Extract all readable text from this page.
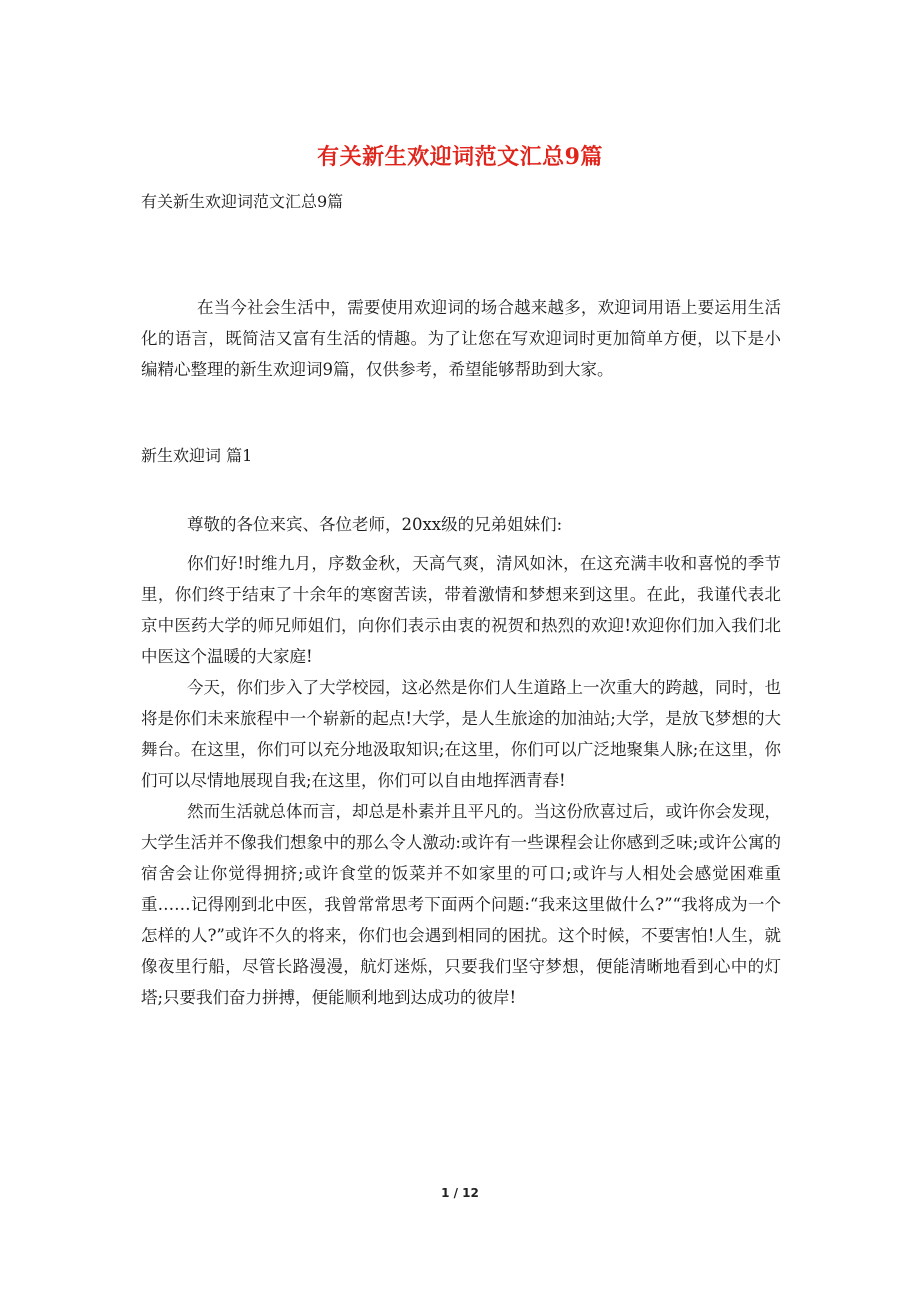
有关新生欢迎词范文汇总9篇
有关新生欢迎词范文汇总9篇
在当今社会生活中，需要使用欢迎词的场合越来越多，欢迎词用语上要运用生活化的语言，既简洁又富有生活的情趣。为了让您在写欢迎词时更加简单方便，以下是小编精心整理的新生欢迎词9篇，仅供参考，希望能够帮助到大家。
新生欢迎词 篇1
尊敬的各位来宾、各位老师，20xx级的兄弟姐妹们:

你们好!时维九月，序数金秋，天高气爽，清风如沐，在这充满丰收和喜悦的季节里，你们终于结束了十余年的寒窗苦读，带着激情和梦想来到这里。在此，我谨代表北京中医药大学的师兄师姐们，向你们表示由衷的祝贺和热烈的欢迎!欢迎你们加入我们北中医这个温暖的大家庭!

今天，你们步入了大学校园，这必然是你们人生道路上一次重大的跨越，同时，也将是你们未来旅程中一个崭新的起点!大学，是人生旅途的加油站;大学，是放飞梦想的大舞台。在这里，你们可以充分地汲取知识;在这里，你们可以广泛地聚集人脉;在这里，你们可以尽情地展现自我;在这里，你们可以自由地挥洒青春!

然而生活就总体而言，却总是朴素并且平凡的。当这份欣喜过后，或许你会发现，大学生活并不像我们想象中的那么令人激动:或许有一些课程会让你感到乏味;或许公寓的宿舍会让你觉得拥挤;或许食堂的饭菜并不如家里的可口;或许与人相处会感觉困难重重……记得刚到北中医，我曾常常思考下面两个问题:“我来这里做什么?”“我将成为一个怎样的人?”或许不久的将来，你们也会遇到相同的困扰。这个时候，不要害怕!人生，就像夜里行船，尽管长路漫漫，航灯迷烁，只要我们坚守梦想，便能清晰地看到心中的灯塔;只要我们奋力拼搏，便能顺利地到达成功的彼岸!

1 / 12
